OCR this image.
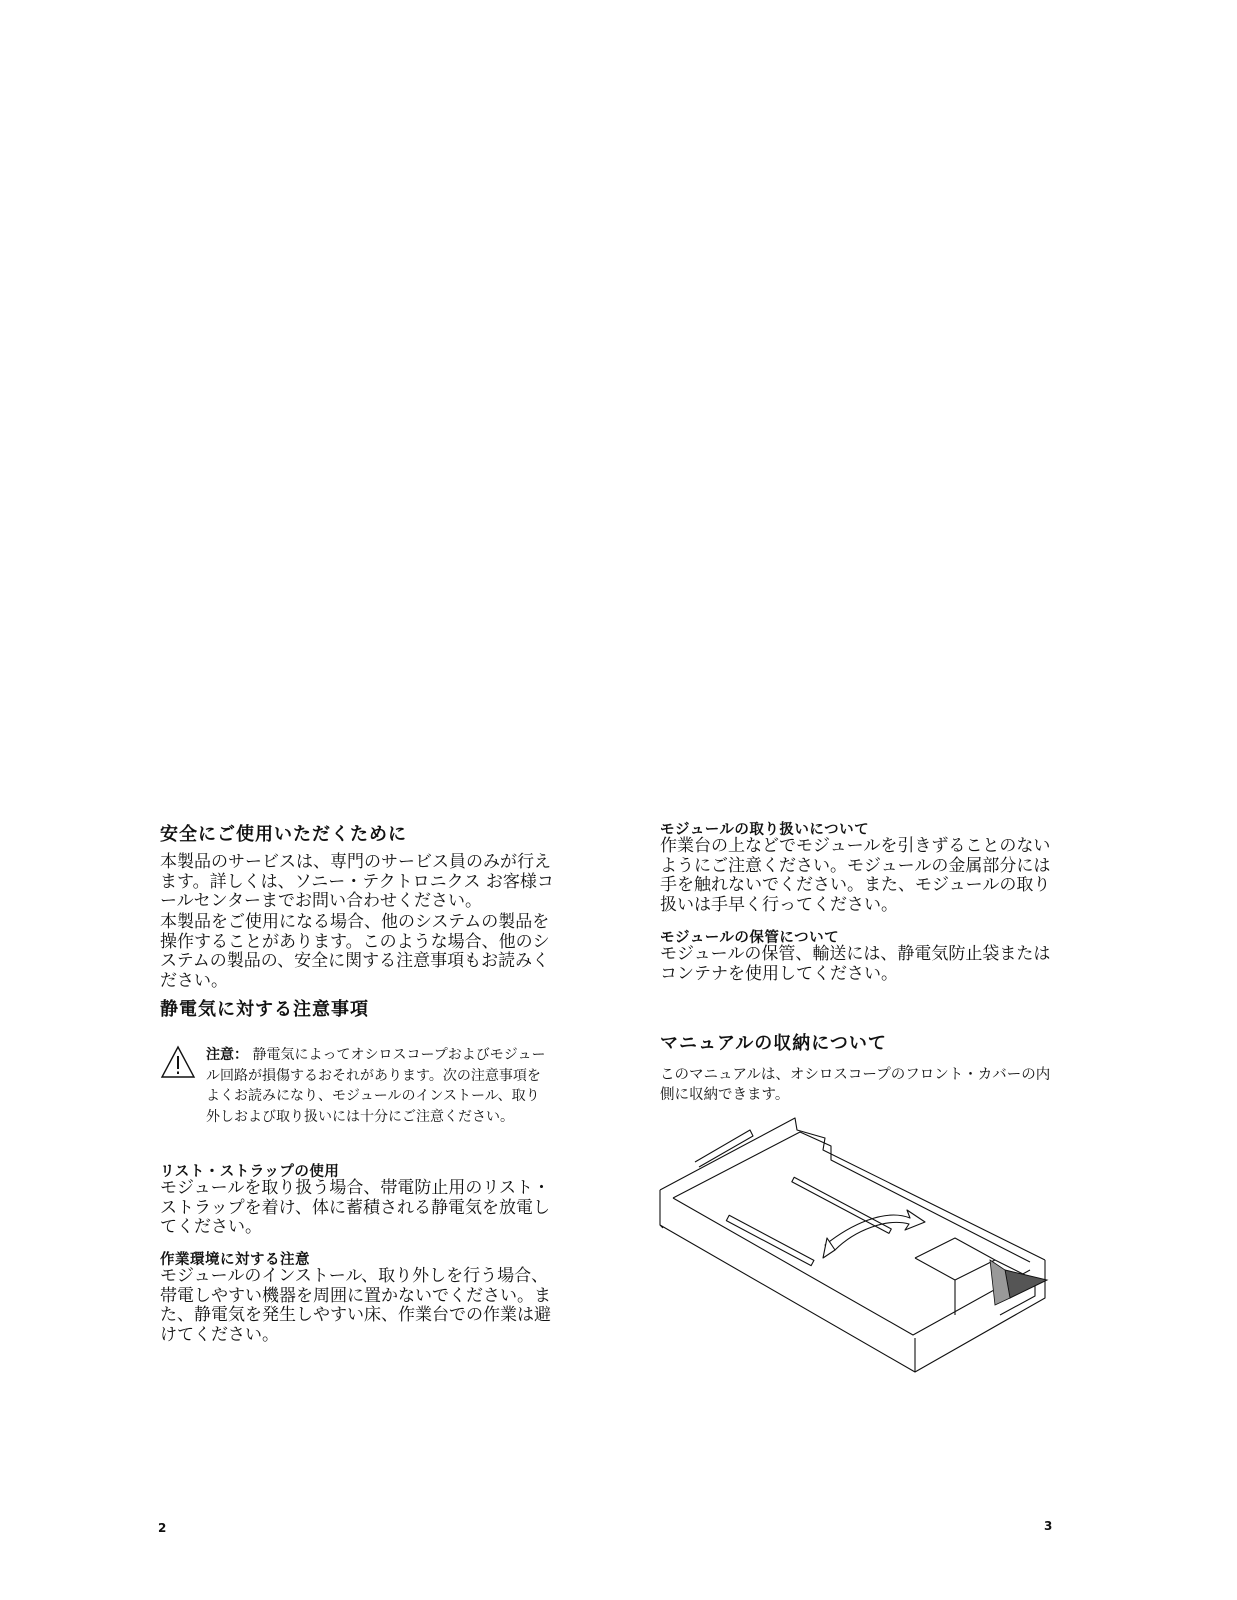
安全にご使用いただくために

本製品のサービスは、専門のサービス員のみが行えます。詳しくは、ソニー・テクトロニクス お客様コールセンターまでお問い合わせください。

本製品をご使用になる場合、他のシステムの製品を操作することがあります。このような場合、他のシステムの製品の、安全に関する注意事項もお読みください。

静電気に対する注意事項
注意： 静電気によってオシロスコープおよびモジュール回路が損傷するおそれがあります。次の注意事項をよくお読みになり、モジュールのインストール、取り外しおよび取り扱いには十分にご注意ください。
リスト・ストラップの使用

モジュールを取り扱う場合、帯電防止用のリスト・ストラップを着け、体に蓄積される静電気を放電してください。

作業環境に対する注意

モジュールのインストール、取り外しを行う場合、帯電しやすい機器を周囲に置かないでください。また、静電気を発生しやすい床、作業台での作業は避けてください。

2
モジュールの取り扱いについて

作業台の上などでモジュールを引きずることのないようにご注意ください。モジュールの金属部分には手を触れないでください。また、モジュールの取り扱いは手早く行ってください。

モジュールの保管について

モジュールの保管、輸送には、静電気防止袋またはコンテナを使用してください。

マニュアルの収納について

このマニュアルは、オシロスコープのフロント・カバーの内側に収納できます。

3
